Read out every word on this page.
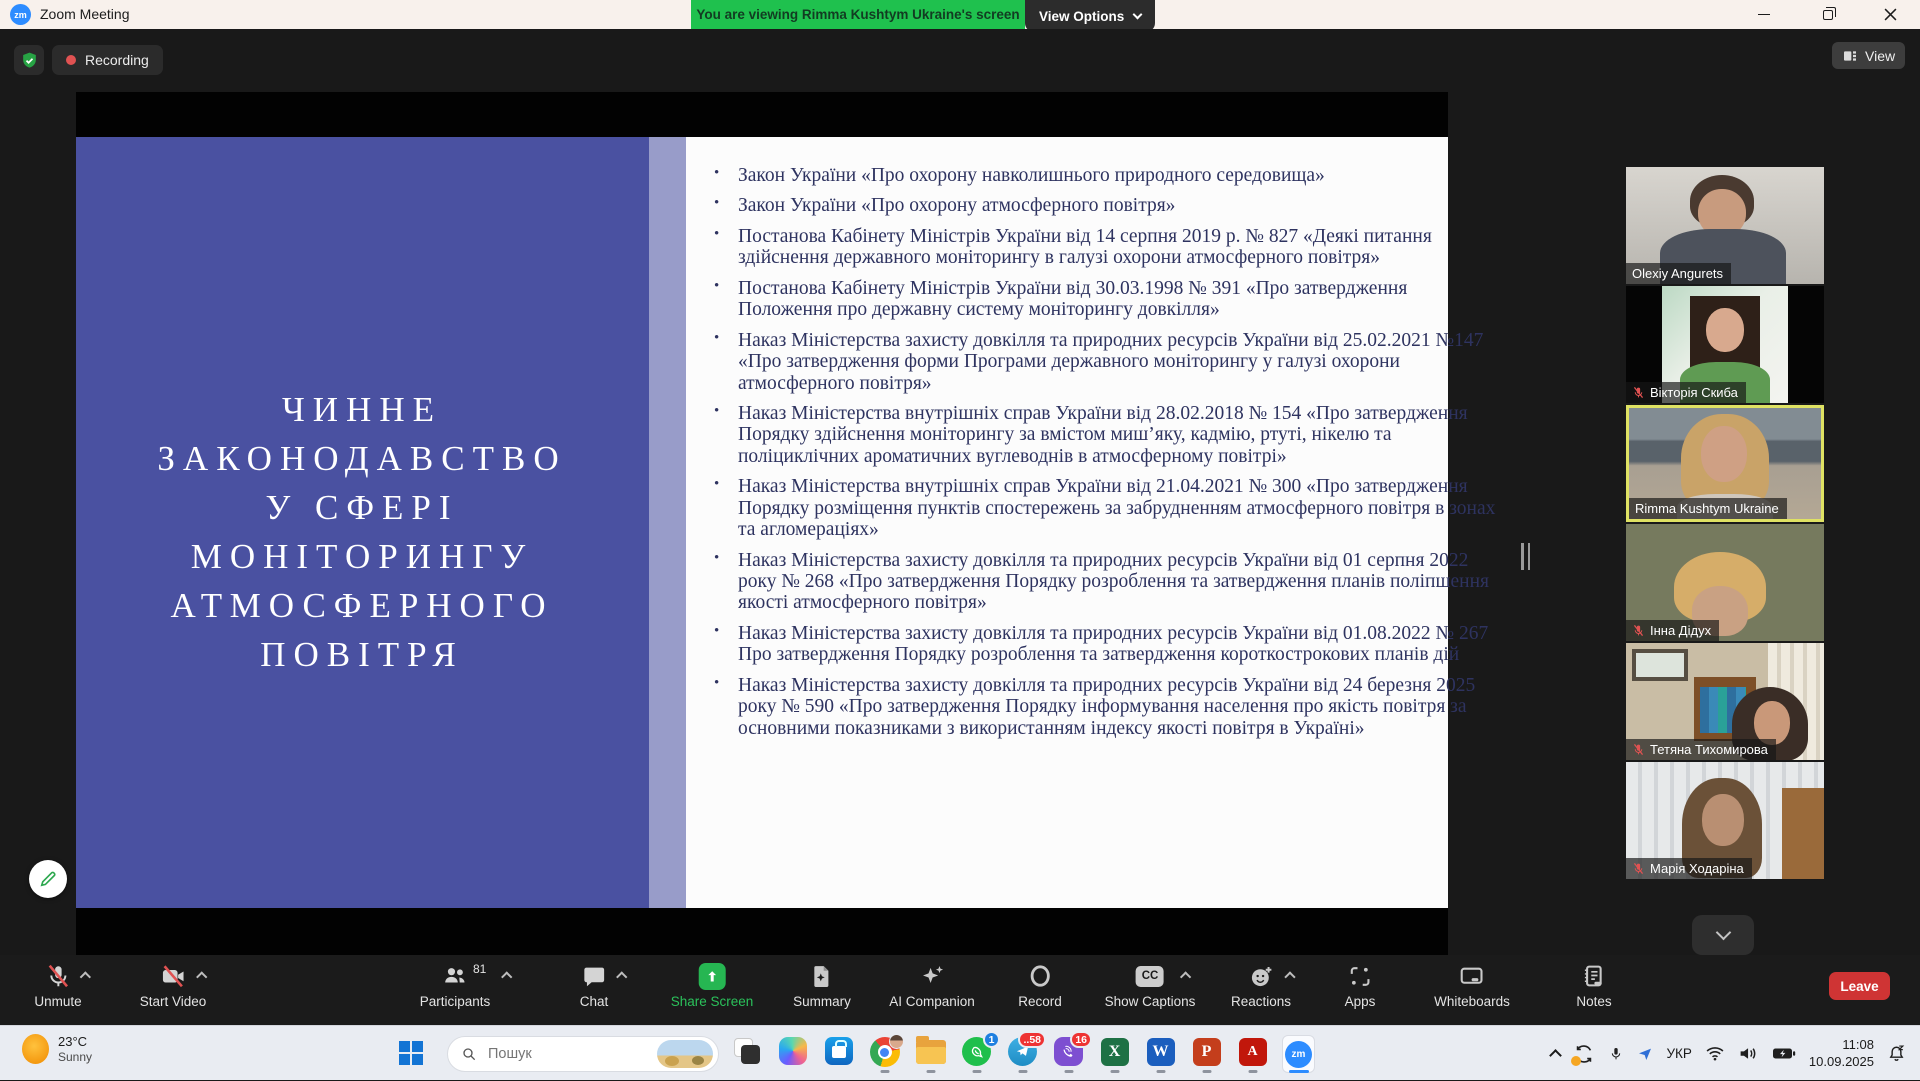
zm Zoom Meeting	You are viewing Rimma Kushtym Ukraine's screen	View Options
Recording	View
ЧИННЕ ЗАКОНОДАВСТВО У СФЕРІ МОНІТОРИНГУ АТМОСФЕРНОГО ПОВІТРЯ
• Закон України «Про охорону навколишнього природного середовища»
• Закон України «Про охорону атмосферного повітря»
• Постанова Кабінету Міністрів України від 14 серпня 2019 р. № 827 «Деякі питання здійснення державного моніторингу в галузі охорони атмосферного повітря»
• Постанова Кабінету Міністрів України від 30.03.1998 № 391 «Про затвердження Положення про державну систему моніторингу довкілля»
• Наказ Міністерства захисту довкілля та природних ресурсів України від 25.02.2021 №147 «Про затвердження форми Програми державного моніторингу у галузі охорони атмосферного повітря»
• Наказ Міністерства внутрішніх справ України від 28.02.2018 № 154 «Про затвердження Порядку здійснення моніторингу за вмістом миш’яку, кадмію, ртуті, нікелю та поліциклічних ароматичних вуглеводнів в атмосферному повітрі»
• Наказ Міністерства внутрішніх справ України від 21.04.2021 № 300 «Про затвердження Порядку розміщення пунктів спостережень за забрудненням атмосферного повітря в зонах та агломераціях»
• Наказ Міністерства захисту довкілля та природних ресурсів України від 01 серпня 2022 року № 268 «Про затвердження Порядку розроблення та затвердження планів поліпшення якості атмосферного повітря»
• Наказ Міністерства захисту довкілля та природних ресурсів України від 01.08.2022 № 267 Про затвердження Порядку розроблення та затвердження короткострокових планів дій
• Наказ Міністерства захисту довкілля та природних ресурсів України від 24 березня 2025 року № 590 «Про затвердження Порядку інформування населення про якість повітря за основними показниками з використанням індексу якості повітря в Україні»
Olexiy Angurets
Вікторія Скиба
Rimma Kushtym Ukraine
Інна Дідух
Тетяна Тихомирова
Марія Ходаріна
Unmute	Start Video
81
Participants	Chat	Share Screen	Summary	AI Companion	Record
CC
Show Captions	Reactions	Apps	Whiteboards	Notes
Leave
23°C
Sunny
Пошук
1	..58	16
X	W	P	A	zm	УКР
11:08
10.09.2025
